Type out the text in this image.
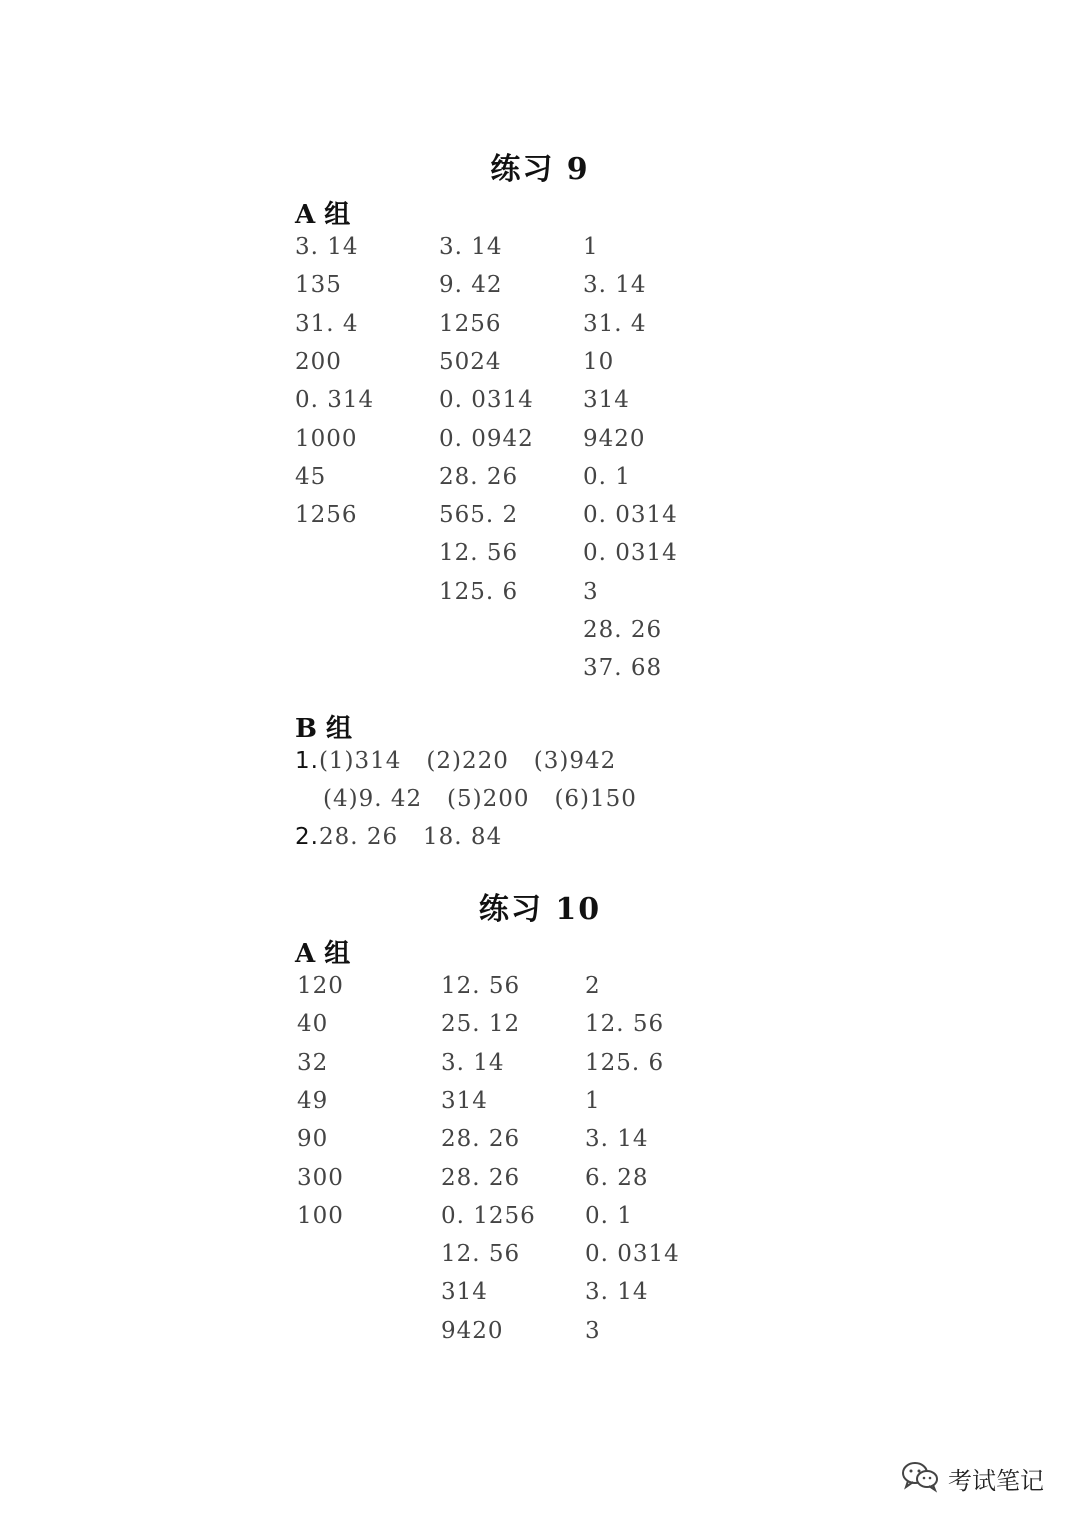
练习 9
A 组
3. 14
135
31. 4
200
0. 314
1000
45
1256
3. 14
9. 42
1256
5024
0. 0314
0. 0942
28. 26
565. 2
12. 56
125. 6
1
3. 14
31. 4
10
314
9420
0. 1
0. 0314
0. 0314
3
28. 26
37. 68
B 组
1.(1)314   (2)220   (3)942
(4)9. 42   (5)200   (6)150
2.28. 26   18. 84
练习 10
A 组
120
40
32
49
90
300
100
12. 56
25. 12
3. 14
314
28. 26
28. 26
0. 1256
12. 56
314
9420
2
12. 56
125. 6
1
3. 14
6. 28
0. 1
0. 0314
3. 14
3
考试笔记
